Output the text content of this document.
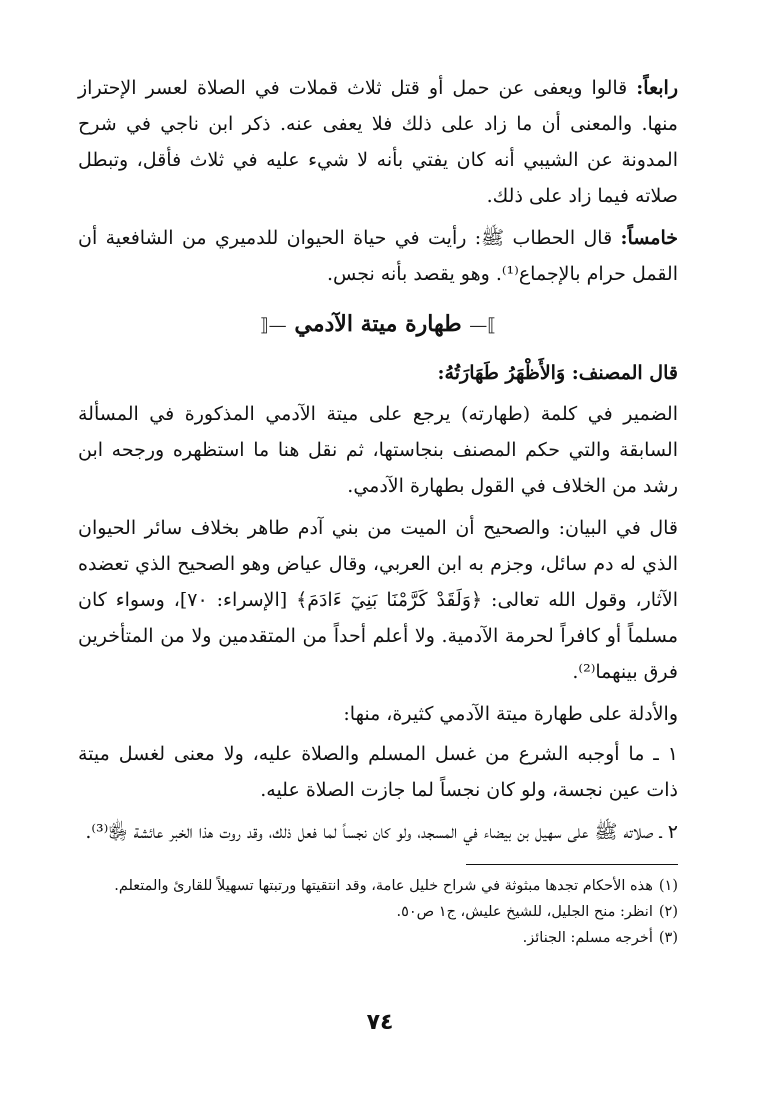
رابعاً: قالوا ويعفى عن حمل أو قتل ثلاث قملات في الصلاة لعسر الإحتراز منها. والمعنى أن ما زاد على ذلك فلا يعفى عنه. ذكر ابن ناجي في شرح المدونة عن الشيبي أنه كان يفتي بأنه لا شيء عليه في ثلاث فأقل، وتبطل صلاته فيما زاد على ذلك.

خامساً: قال الحطاب ﷺ: رأيت في حياة الحيوان للدميري من الشافعية أن القمل حرام بالإجماع⁽¹⁾. وهو يقصد بأنه نجس.

⟧— طهارة ميتة الآدمي —⟦

قال المصنف: وَالأَظْهَرُ طَهَارَتُهُ:

الضمير في كلمة (طهارته) يرجع على ميتة الآدمي المذكورة في المسألة السابقة والتي حكم المصنف بنجاستها، ثم نقل هنا ما استظهره ورجحه ابن رشد من الخلاف في القول بطهارة الآدمي.

قال في البيان: والصحيح أن الميت من بني آدم طاهر بخلاف سائر الحيوان الذي له دم سائل، وجزم به ابن العربي، وقال عياض وهو الصحيح الذي تعضده الآثار، وقول الله تعالى: ﴿وَلَقَدْ كَرَّمْنَا بَنِيٓ ءَادَمَ﴾ [الإسراء: ٧٠]، وسواء كان مسلماً أو كافراً لحرمة الآدمية. ولا أعلم أحداً من المتقدمين ولا من المتأخرين فرق بينهما⁽²⁾.

والأدلة على طهارة ميتة الآدمي كثيرة، منها:

١ ـ ما أوجبه الشرع من غسل المسلم والصلاة عليه، ولا معنى لغسل ميتة ذات عين نجسة، ولو كان نجساً لما جازت الصلاة عليه.

٢ ـ صلاته ﷺ على سهيل بن بيضاء في المسجد، ولو كان نجساً لما فعل ذلك، وقد روت هذا الخبر عائشة ﵂⁽³⁾.

(١)هذه الأحكام تجدها مبثوثة في شراح خليل عامة، وقد انتقيتها ورتبتها تسهيلاً للقارئ والمتعلم.

(٢)انظر: منح الجليل، للشيخ عليش، ج١ ص٥٠.

(٣)أخرجه مسلم: الجنائز.

٧٤
